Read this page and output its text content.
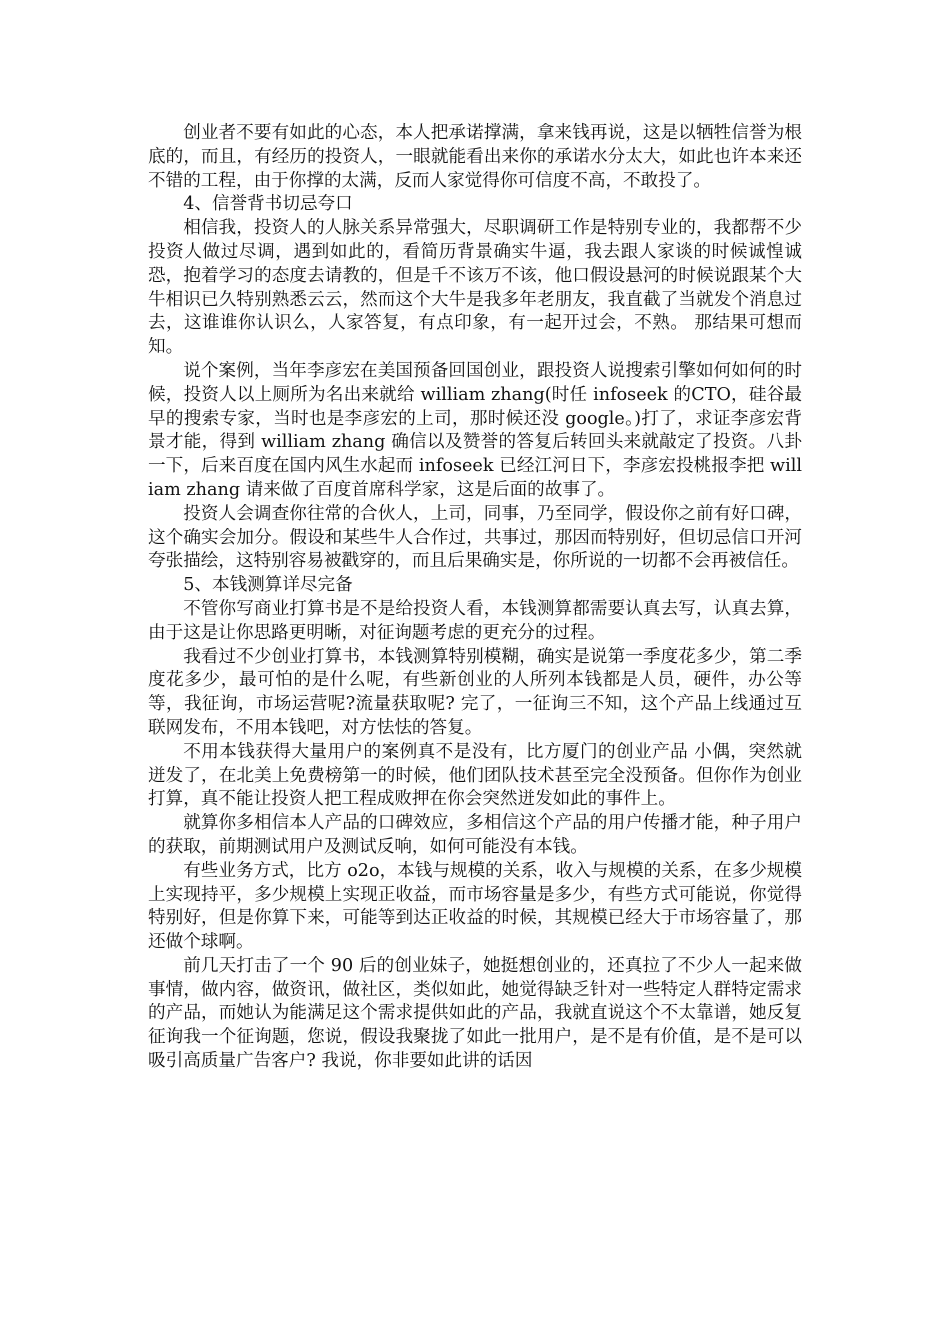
创业者不要有如此的心态，本人把承诺撑满，拿来钱再说，这是以牺牲信誉为根底的，而且，有经历的投资人，一眼就能看出来你的承诺水分太大，如此也许本来还不错的工程，由于你撑的太满，反而人家觉得你可信度不高，不敢投了。

4、信誉背书切忌夸口

相信我，投资人的人脉关系异常强大，尽职调研工作是特别专业的，我都帮不少投资人做过尽调，遇到如此的，看简历背景确实牛逼，我去跟人家谈的时候诚惶诚恐，抱着学习的态度去请教的，但是千不该万不该，他口假设悬河的时候说跟某个大牛相识已久特别熟悉云云，然而这个大牛是我多年老朋友，我直截了当就发个消息过去，这谁谁你认识么，人家答复，有点印象，有一起开过会，不熟。 那结果可想而知。

说个案例，当年李彦宏在美国预备回国创业，跟投资人说搜索引擎如何如何的时候，投资人以上厕所为名出来就给 william zhang(时任 infoseek 的CTO，硅谷最早的搜索专家，当时也是李彦宏的上司，那时候还没 google。)打了，求证李彦宏背景才能，得到 william zhang 确信以及赞誉的答复后转回头来就敲定了投资。八卦一下，后来百度在国内风生水起而 infoseek 已经江河日下，李彦宏投桃报李把 william zhang 请来做了百度首席科学家，这是后面的故事了。

投资人会调查你往常的合伙人，上司，同事，乃至同学，假设你之前有好口碑，这个确实会加分。假设和某些牛人合作过，共事过，那因而特别好，但切忌信口开河夸张描绘，这特别容易被戳穿的，而且后果确实是，你所说的一切都不会再被信任。

5、本钱测算详尽完备

不管你写商业打算书是不是给投资人看，本钱测算都需要认真去写，认真去算，由于这是让你思路更明晰，对征询题考虑的更充分的过程。

我看过不少创业打算书，本钱测算特别模糊，确实是说第一季度花多少，第二季度花多少，最可怕的是什么呢，有些新创业的人所列本钱都是人员，硬件，办公等等，我征询，市场运营呢?流量获取呢? 完了，一征询三不知，这个产品上线通过互联网发布，不用本钱吧，对方怯怯的答复。

不用本钱获得大量用户的案例真不是没有，比方厦门的创业产品 小偶，突然就迸发了，在北美上免费榜第一的时候，他们团队技术甚至完全没预备。但你作为创业打算，真不能让投资人把工程成败押在你会突然迸发如此的事件上。

就算你多相信本人产品的口碑效应，多相信这个产品的用户传播才能，种子用户的获取，前期测试用户及测试反响，如何可能没有本钱。

有些业务方式，比方 o2o，本钱与规模的关系，收入与规模的关系，在多少规模上实现持平，多少规模上实现正收益，而市场容量是多少，有些方式可能说，你觉得特别好，但是你算下来，可能等到达正收益的时候，其规模已经大于市场容量了，那还做个球啊。

前几天打击了一个 90 后的创业妹子，她挺想创业的，还真拉了不少人一起来做事情，做内容，做资讯，做社区，类似如此，她觉得缺乏针对一些特定人群特定需求的产品，而她认为能满足这个需求提供如此的产品，我就直说这个不太靠谱，她反复征询我一个征询题，您说，假设我聚拢了如此一批用户，是不是有价值，是不是可以吸引高质量广告客户? 我说，你非要如此讲的话因
